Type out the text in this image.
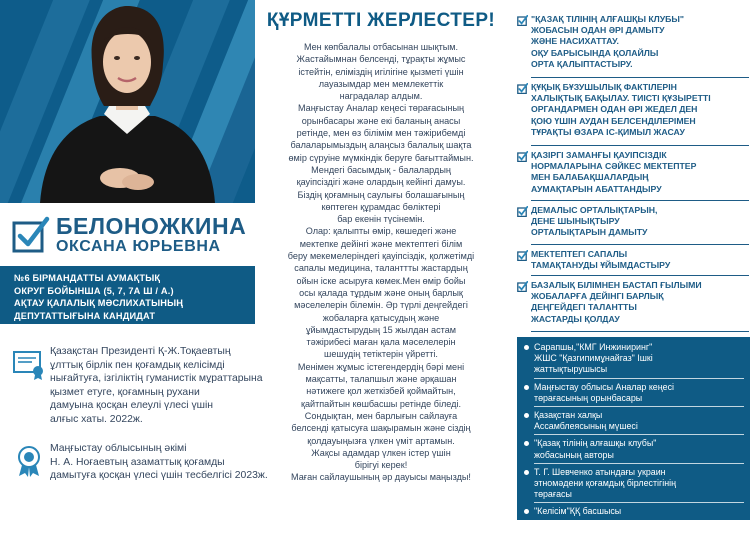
БЕЛОНОЖКИНА
ОКСАНА ЮРЬЕВНА
№6 БІРМАНДАТТЫ АУМАҚТЫҚ
ОКРУГ БОЙЫНША (5, 7, 7А Ш / А.)
АҚТАУ ҚАЛАЛЫҚ МӘСЛИХАТЫНЫҢ
ДЕПУТАТТЫҒЫНА КАНДИДАТ
Қазақстан Президенті Қ-Ж.Тоқаевтың
ұлттық бірлік пен қоғамдық келісімді
нығайтуға, ізгіліктің гуманистік мұраттарына
қызмет етуге, қоғамның рухани
дамуына қосқан елеулі үлесі үшін
алғыс хаты. 2022ж.
Маңғыстау облысының әкімі
Н. А. Ноғаевтың азаматтық қоғамды
дамытуға қосқан үлесі үшін тесбелгісі 2023ж.
ҚҰРМЕТТІ ЖЕРЛЕСТЕР!
Мен көпбалалы отбасынан шықтым.
Жастайымнан белсенді, тұрақты жұмыс
істейтін, еліміздің игілігіне қызметі үшін
лауазымдар мен мемлекеттік
наградалар алдым.
Маңғыстау Аналар кеңесі төрағасының
орынбасары және екі баланың анасы
ретінде, мен өз білімім мен тәжірибемді
балаларымыздың алаңсыз балалық шақта
өмір сүруіне мүмкіндік беруге бағыттаймын.
Мендегі басымдық - балалардың
қауіпсіздігі және олардың кейінгі дамуы.
Біздің қоғамның саулығы болашағының
көптеген құрамдас бөліктері
бар екенін түсінемін.
Олар: қалыпты өмір, көшедегі және
мектепке дейінгі және мектептегі білім
беру мекемелеріндегі қауіпсіздік, қолжетімді
сапалы медицина, таланттты жастардың
ойын іске асыруға көмек.Мен өмір бойы
осы қалада тұрдым және оның барлық
мәселелерін білемін. Әр түрлі деңгейдегі
жобаларға қатысудың және
ұйымдастырудың 15 жылдан астам
тәжірибесі маған қала мәселелерін
шешудің тетіктерін үйретті.
Менімен жұмыс істегендердің бәрі мені
мақсатты, талапшыл және әрқашан
нәтижеге қол жеткізбей қоймайтын,
қайтпайтын көшбасшы ретінде біледі.
Сондықтан, мен барлығын сайлауға
белсенді қатысуға шақырамын және сіздің
қолдауыңызға үлкен үміт артамын.
Жақсы адамдар үлкен істер үшін
бірігуі керек!
Маған сайлаушының әр дауысы маңызды!
"ҚАЗАҚ ТІЛІНІҢ АЛҒАШҚЫ КЛУБЫ"
ЖОБАСЫН ОДАН ӘРІ ДАМЫТУ
ЖӘНЕ НАСИХАТТАУ.
ОҚУ БАРЫСЫНДА ҚОЛАЙЛЫ
ОРТА ҚАЛЫПТАСТЫРУ.
ҚҰҚЫҚ БҰЗУШЫЛЫҚ ФАКТІЛЕРІН
ХАЛЫҚТЫҚ БАҚЫЛАУ. ТИІСТІ ҚҰЗЫРЕТТІ
ОРГАНДАРМЕН ОДАН ӘРІ ЖЕДЕЛ ДЕН
ҚОЮ ҮШІН АУДАН БЕЛСЕНДІЛЕРІМЕН
ТҰРАҚТЫ ӨЗАРА ІС-ҚИМЫЛ ЖАСАУ
ҚАЗІРГІ ЗАМАНҒЫ ҚАУІПСІЗДІК
НОРМАЛАРЫНА СӘЙКЕС МЕКТЕПТЕР
МЕН БАЛАБАҚШАЛАРДЫҢ
АУМАҚТАРЫН АБАТТАНДЫРУ
ДЕМАЛЫС ОРТАЛЫҚТАРЫН,
ДЕНЕ ШЫНЫҚТЫРУ
ОРТАЛЫҚТАРЫН ДАМЫТУ
МЕКТЕПТЕГІ САПАЛЫ
ТАМАҚТАНУДЫ ҰЙЫМДАСТЫРУ
БАЗАЛЫҚ БІЛІМНЕН БАСТАП ҒЫЛЫМИ
ЖОБАЛАРҒА ДЕЙІНГІ БАРЛЫҚ
ДЕҢГЕЙДЕГІ ТАЛАНТТЫ
ЖАСТАРДЫ ҚОЛДАУ
Сарапшы,"КМГ Инжиниринг"
ЖШС "Қазгипимұнайгаз" Ішкі
жаттықтырушысы
Маңғыстау облысы Аналар кеңесі
төрағасының орынбасары
Қазақстан халқы
Ассамблеясының мүшесі
"Қазақ тілінің алғашқы клубы"
жобасының авторы
Т. Г. Шевченко атындағы украин
этномәдени қоғамдық бірлестігінің
төрағасы
"Келісім"ҚҚ басшысы
